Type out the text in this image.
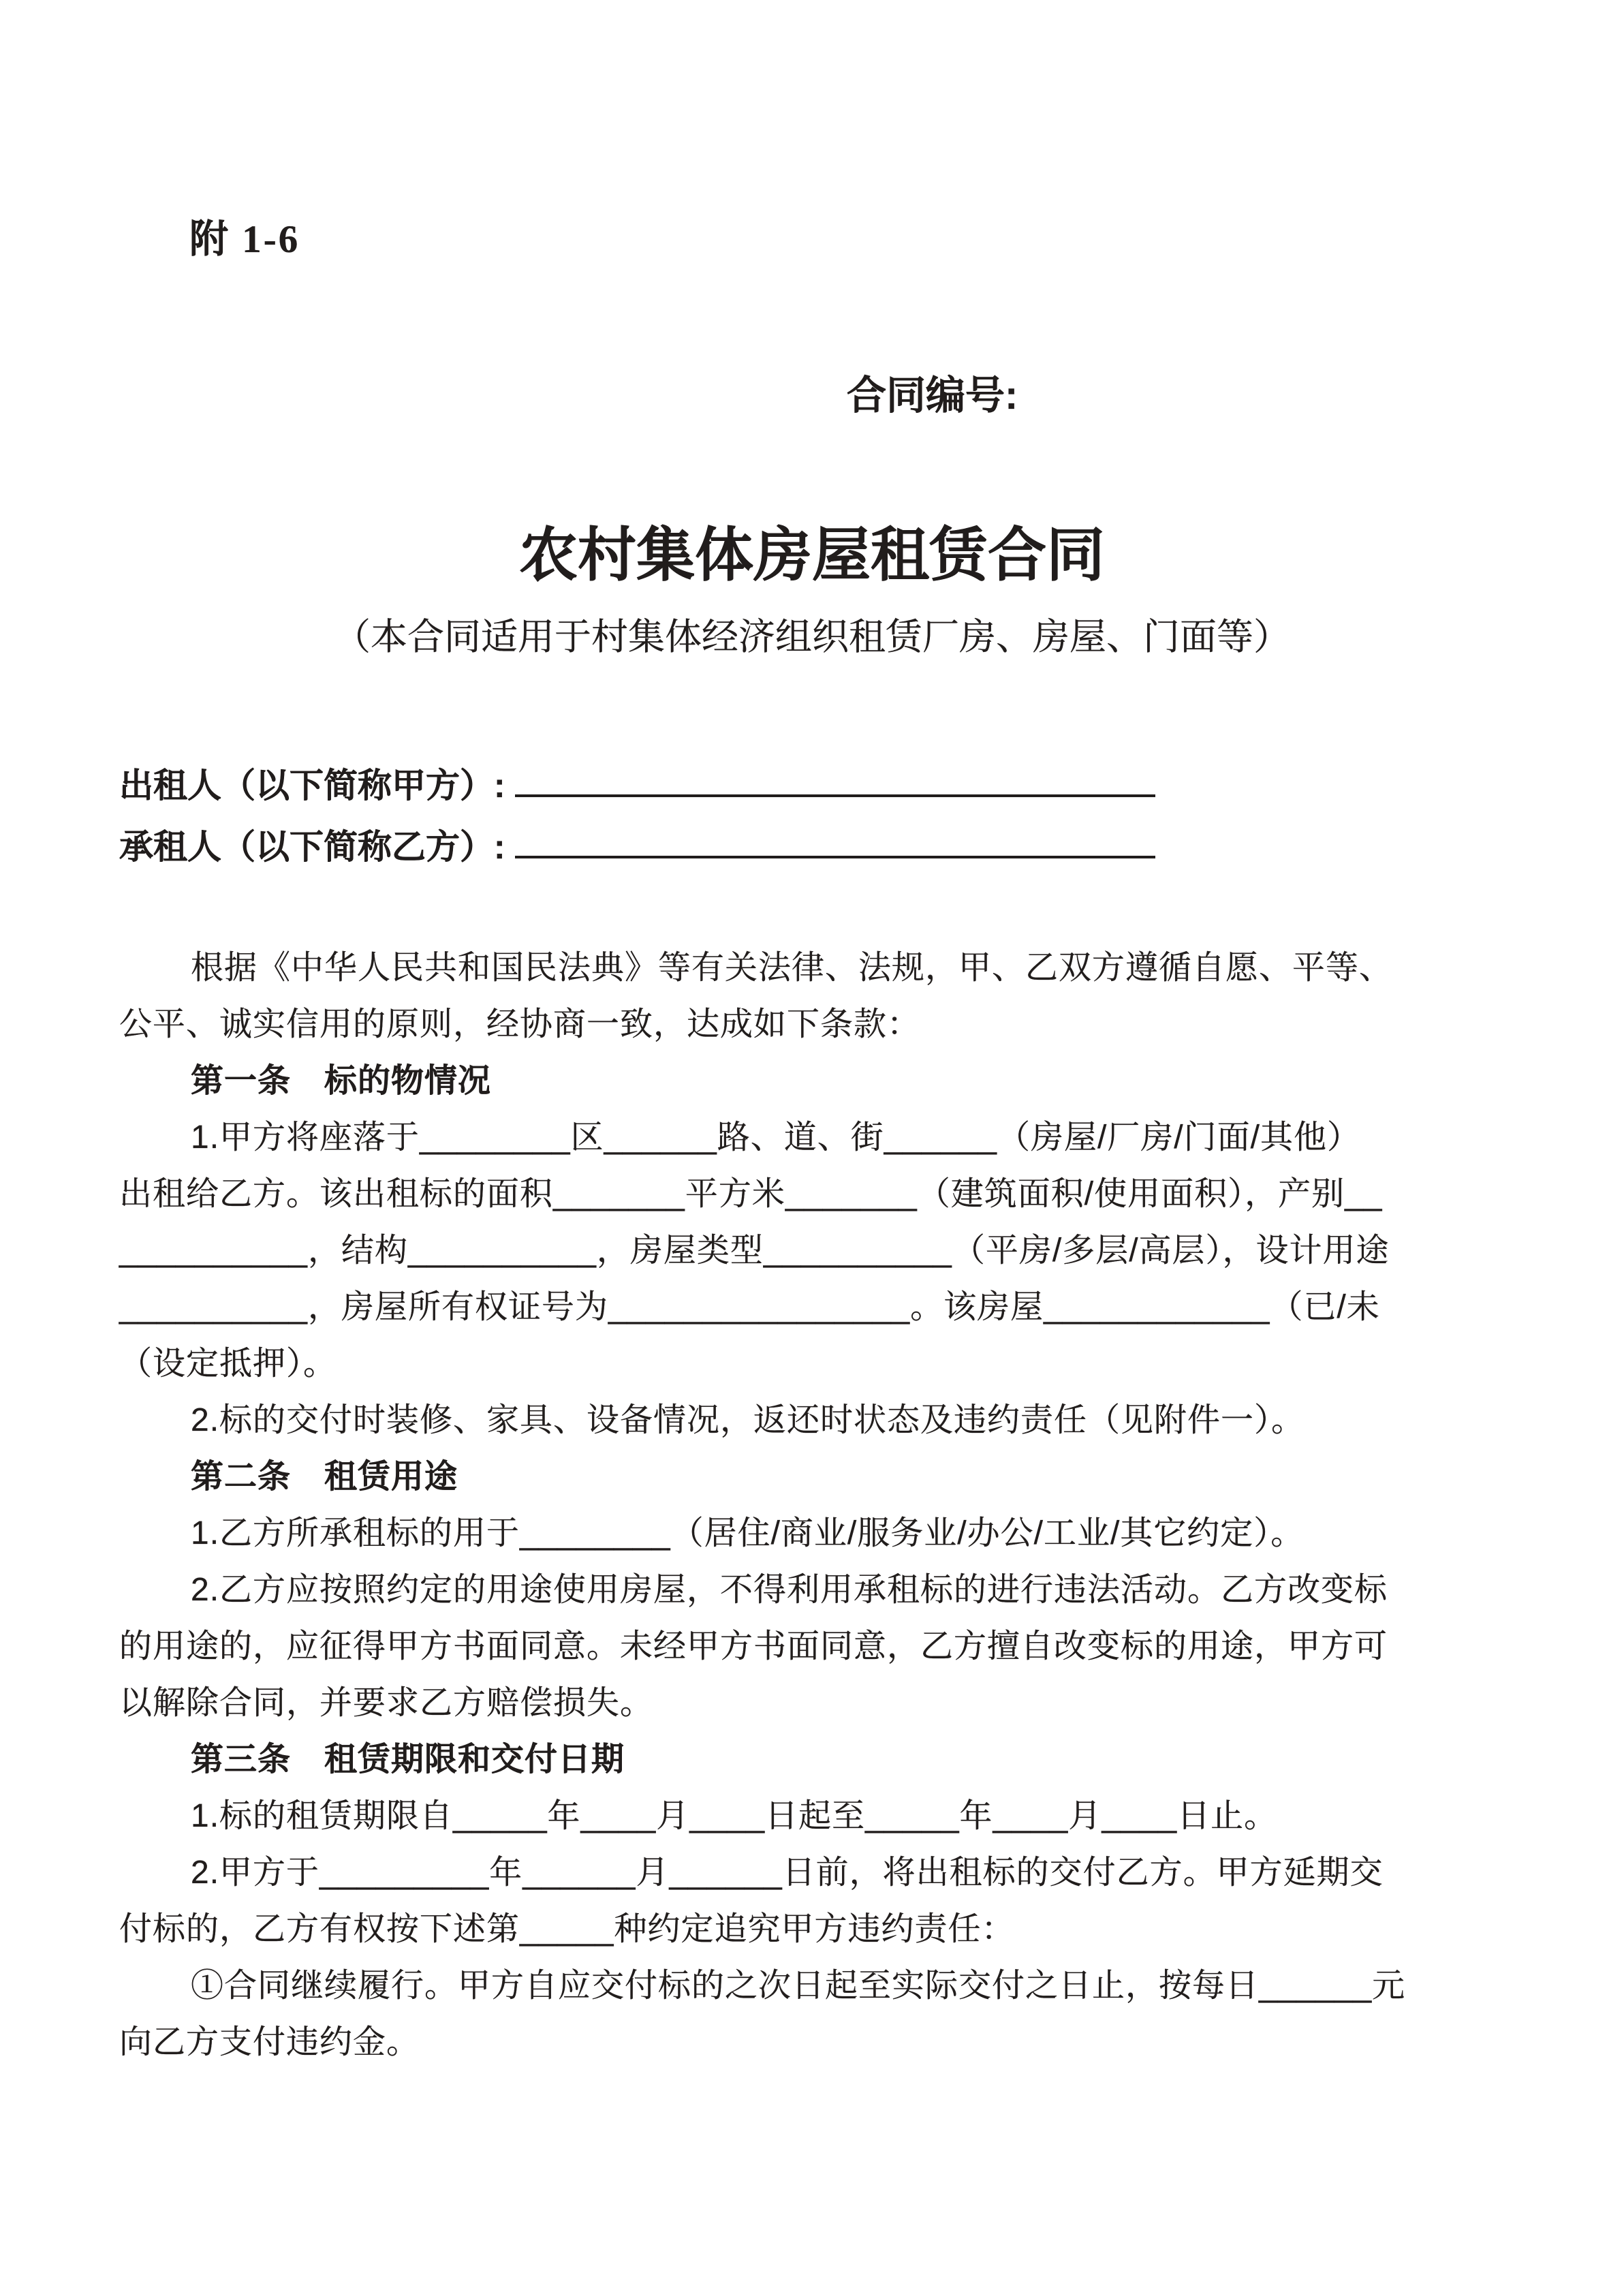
附 1-6
合同编号:
农村集体房屋租赁合同
（本合同适用于村集体经济组织租赁厂房、房屋、门面等）
出租人（以下简称甲方）:
承租人（以下简称乙方）:
根据《中华人民共和国民法典》等有关法律、法规，甲、乙双方遵循自愿、平等、
公平、诚实信用的原则，经协商一致，达成如下条款：
第一条　标的物情况
1.甲方将座落于________区______路、道、街______（房屋/厂房/门面/其他）
出租给乙方。该出租标的面积_______平方米_______（建筑面积/使用面积），产别__
__________，结构__________，房屋类型__________（平房/多层/高层），设计用途
__________，房屋所有权证号为________________。该房屋____________（已/未
（设定抵押）。
2.标的交付时装修、家具、设备情况，返还时状态及违约责任（见附件一）。
第二条　租赁用途
1.乙方所承租标的用于________（居住/商业/服务业/办公/工业/其它约定）。
2.乙方应按照约定的用途使用房屋，不得利用承租标的进行违法活动。乙方改变标
的用途的，应征得甲方书面同意。未经甲方书面同意，乙方擅自改变标的用途，甲方可
以解除合同，并要求乙方赔偿损失。
第三条　租赁期限和交付日期
1.标的租赁期限自_____年____月____日起至_____年____月____日止。
2.甲方于_________年______月______日前，将出租标的交付乙方。甲方延期交
付标的，乙方有权按下述第_____种约定追究甲方违约责任：
①合同继续履行。甲方自应交付标的之次日起至实际交付之日止，按每日______元
向乙方支付违约金。
